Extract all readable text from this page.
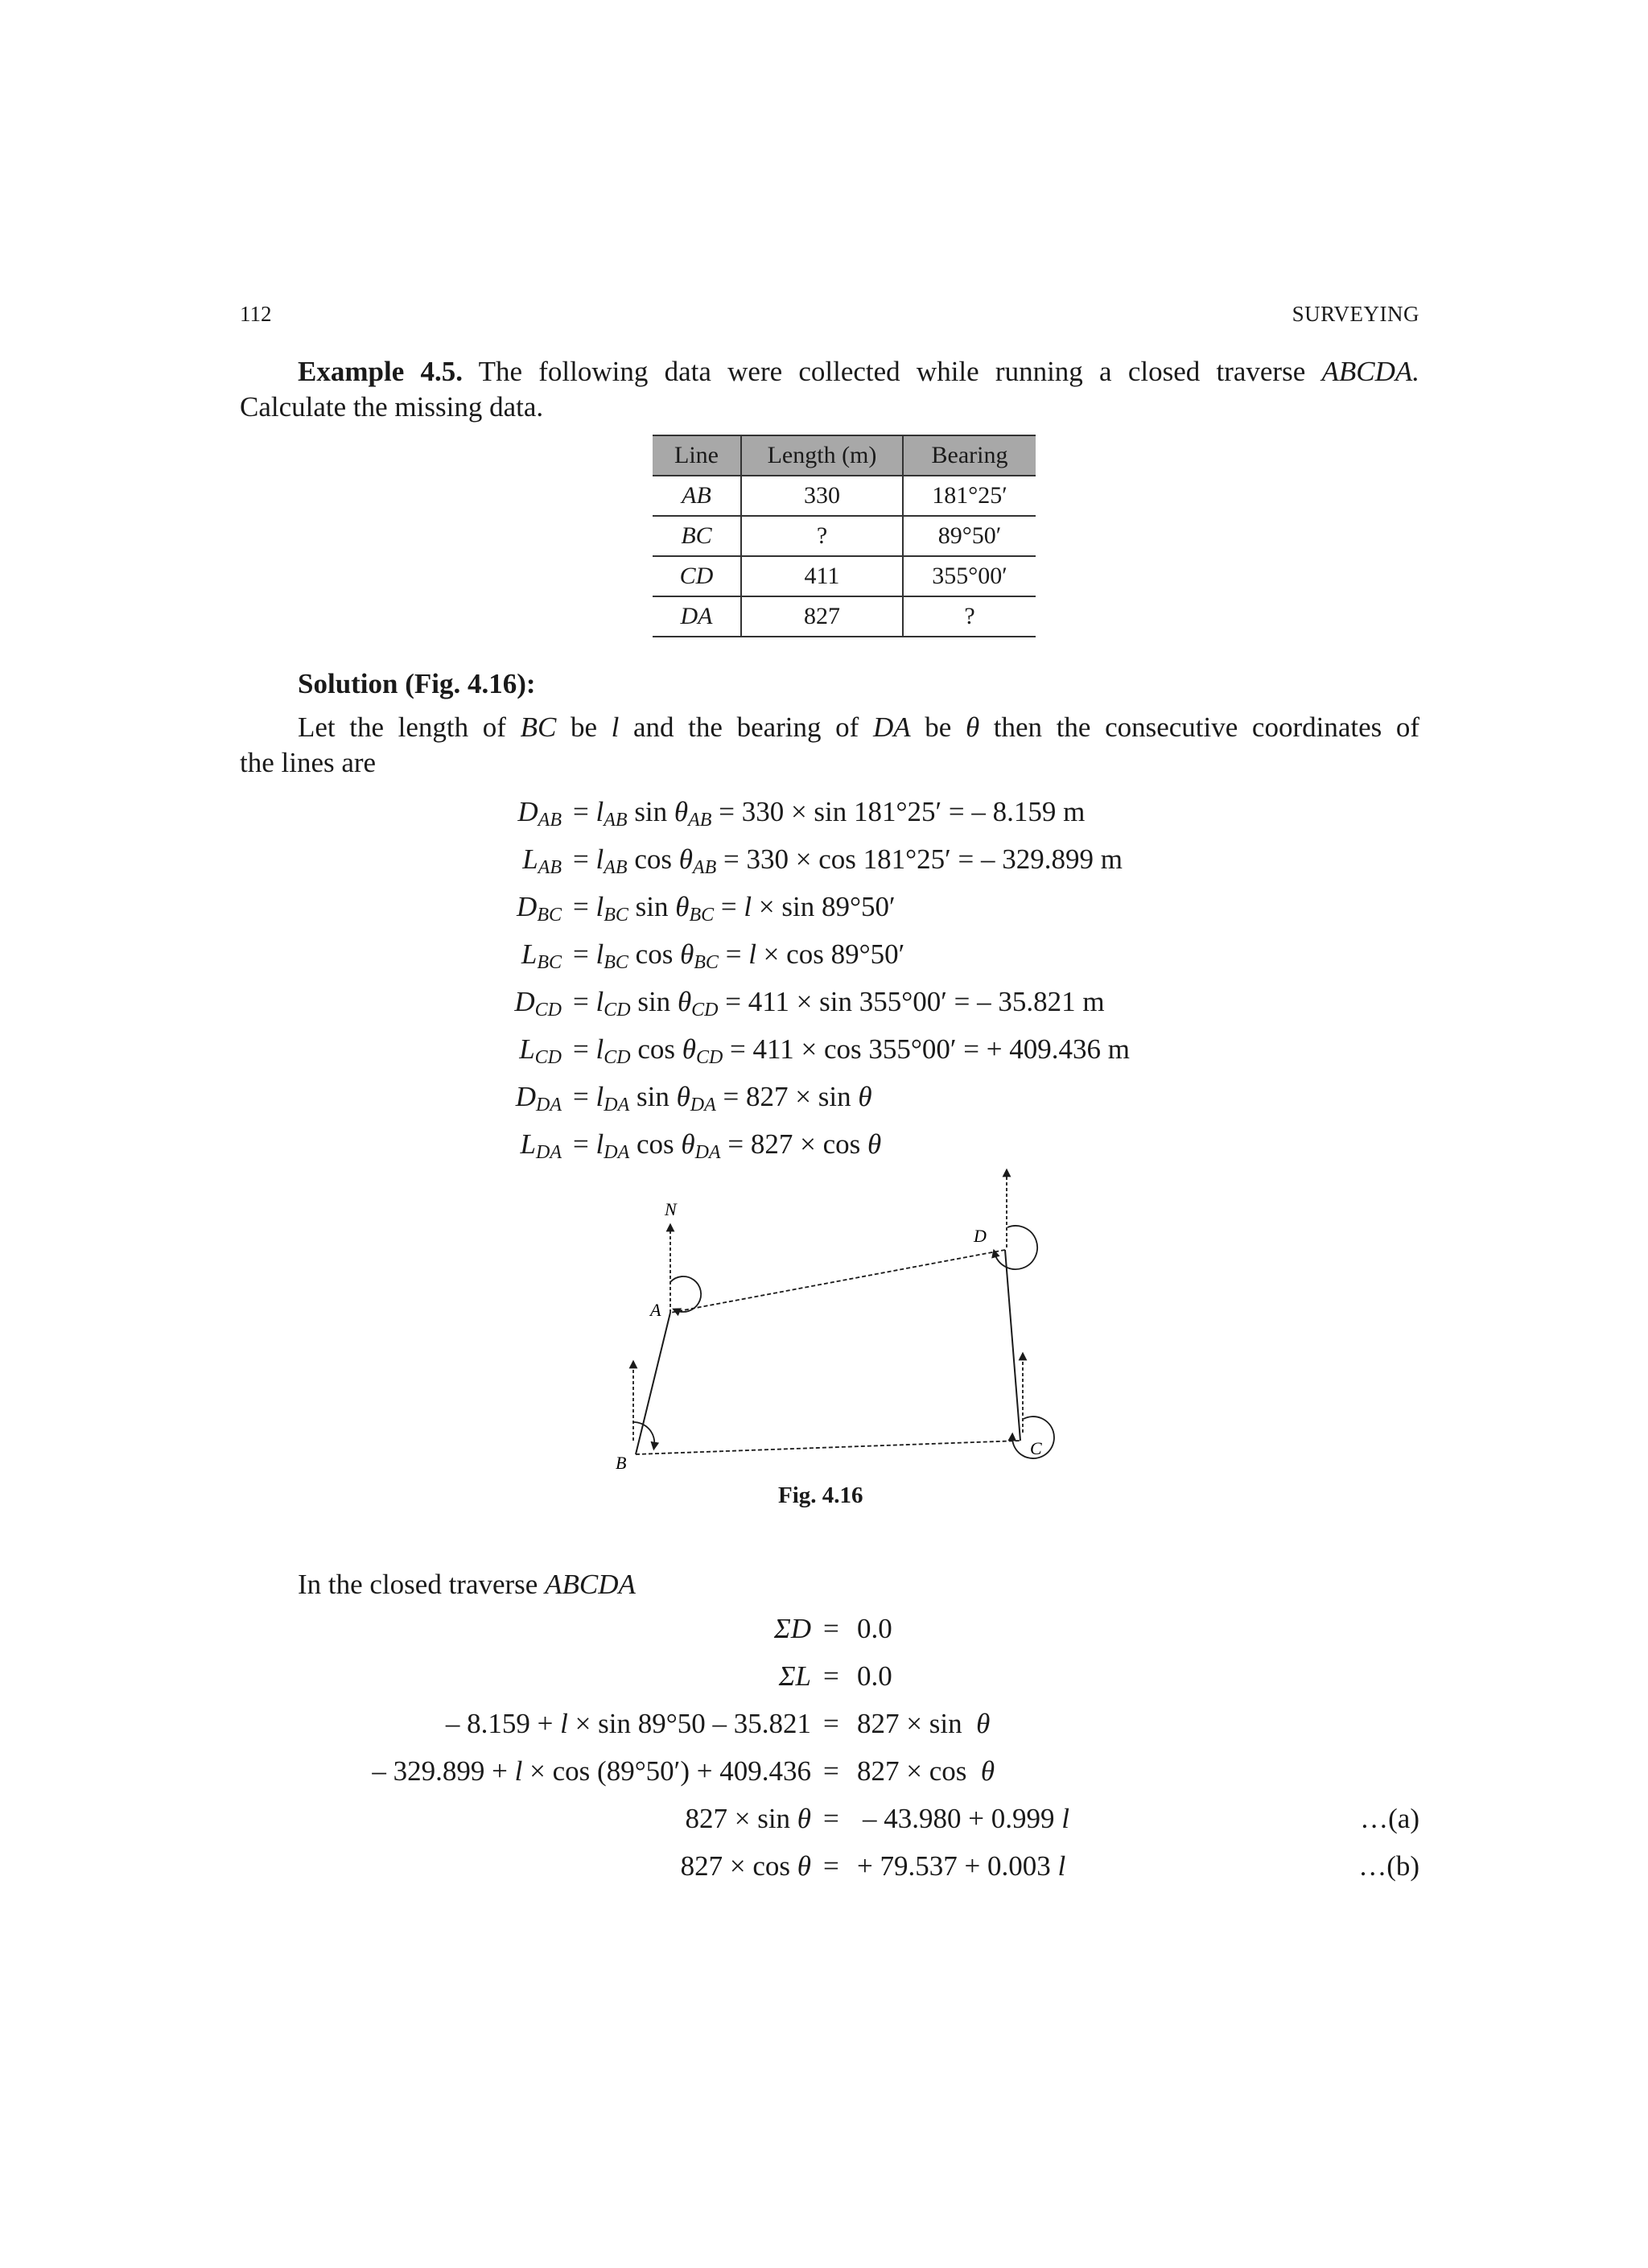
112	SURVEYING
Example 4.5. The following data were collected while running a closed traverse ABCDA.
Calculate the missing data.
Line	Length (m)	Bearing
AB	330	181°25′
BC	?	89°50′
CD	411	355°00′
DA	827	?
Solution (Fig. 4.16):
Let the length of BC be l and the bearing of DA be θ then the consecutive coordinates of
the lines are
$D_{AB} = l_{AB}$ $\sin \theta_{AB} = 330 \times \sin 181^\circ 25'$ = – 8.159 m
$L_{AB} = l_{AB}$ $\cos \theta_{AB} = 330 \times \cos 181^\circ 25'$ = – 329.899 m
$D_{BC} = l_{BC}$ $\sin \theta_{BC} = l \times \sin 89^\circ 50'$
$L_{BC} = l_{BC}$ $\cos \theta_{BC} = l \times \cos 89^\circ 50'$
$D_{CD} = l_{CD}$ $\sin \theta_{CD} = 411 \times \sin 355^\circ 00'$ = – 35.821 m
$L_{CD} = l_{CD}$ $\cos \theta_{CD} = 411 \times \cos 355^\circ 00'$ = + 409.436 m
$D_{DA} = l_{DA}$ $\sin \theta_{DA} = 827 \times \sin \theta$
$L_{DA} = l_{DA}$ $\cos \theta_{DA} = 827 \times \cos \theta$
N
A
B
C
D
Fig. 4.16
In the closed traverse ABCDA
ΣD = 0.0
ΣL = 0.0
– 8.159 + l × sin 89°50 – 35.821 = 827 × sin θ
– 329.899 + l × cos (89°50′) + 409.436 = 827 × cos θ
827 × sin θ = – 43.980 + 0.999 l	…(a)
827 × cos θ = + 79.537 + 0.003 l	…(b)
